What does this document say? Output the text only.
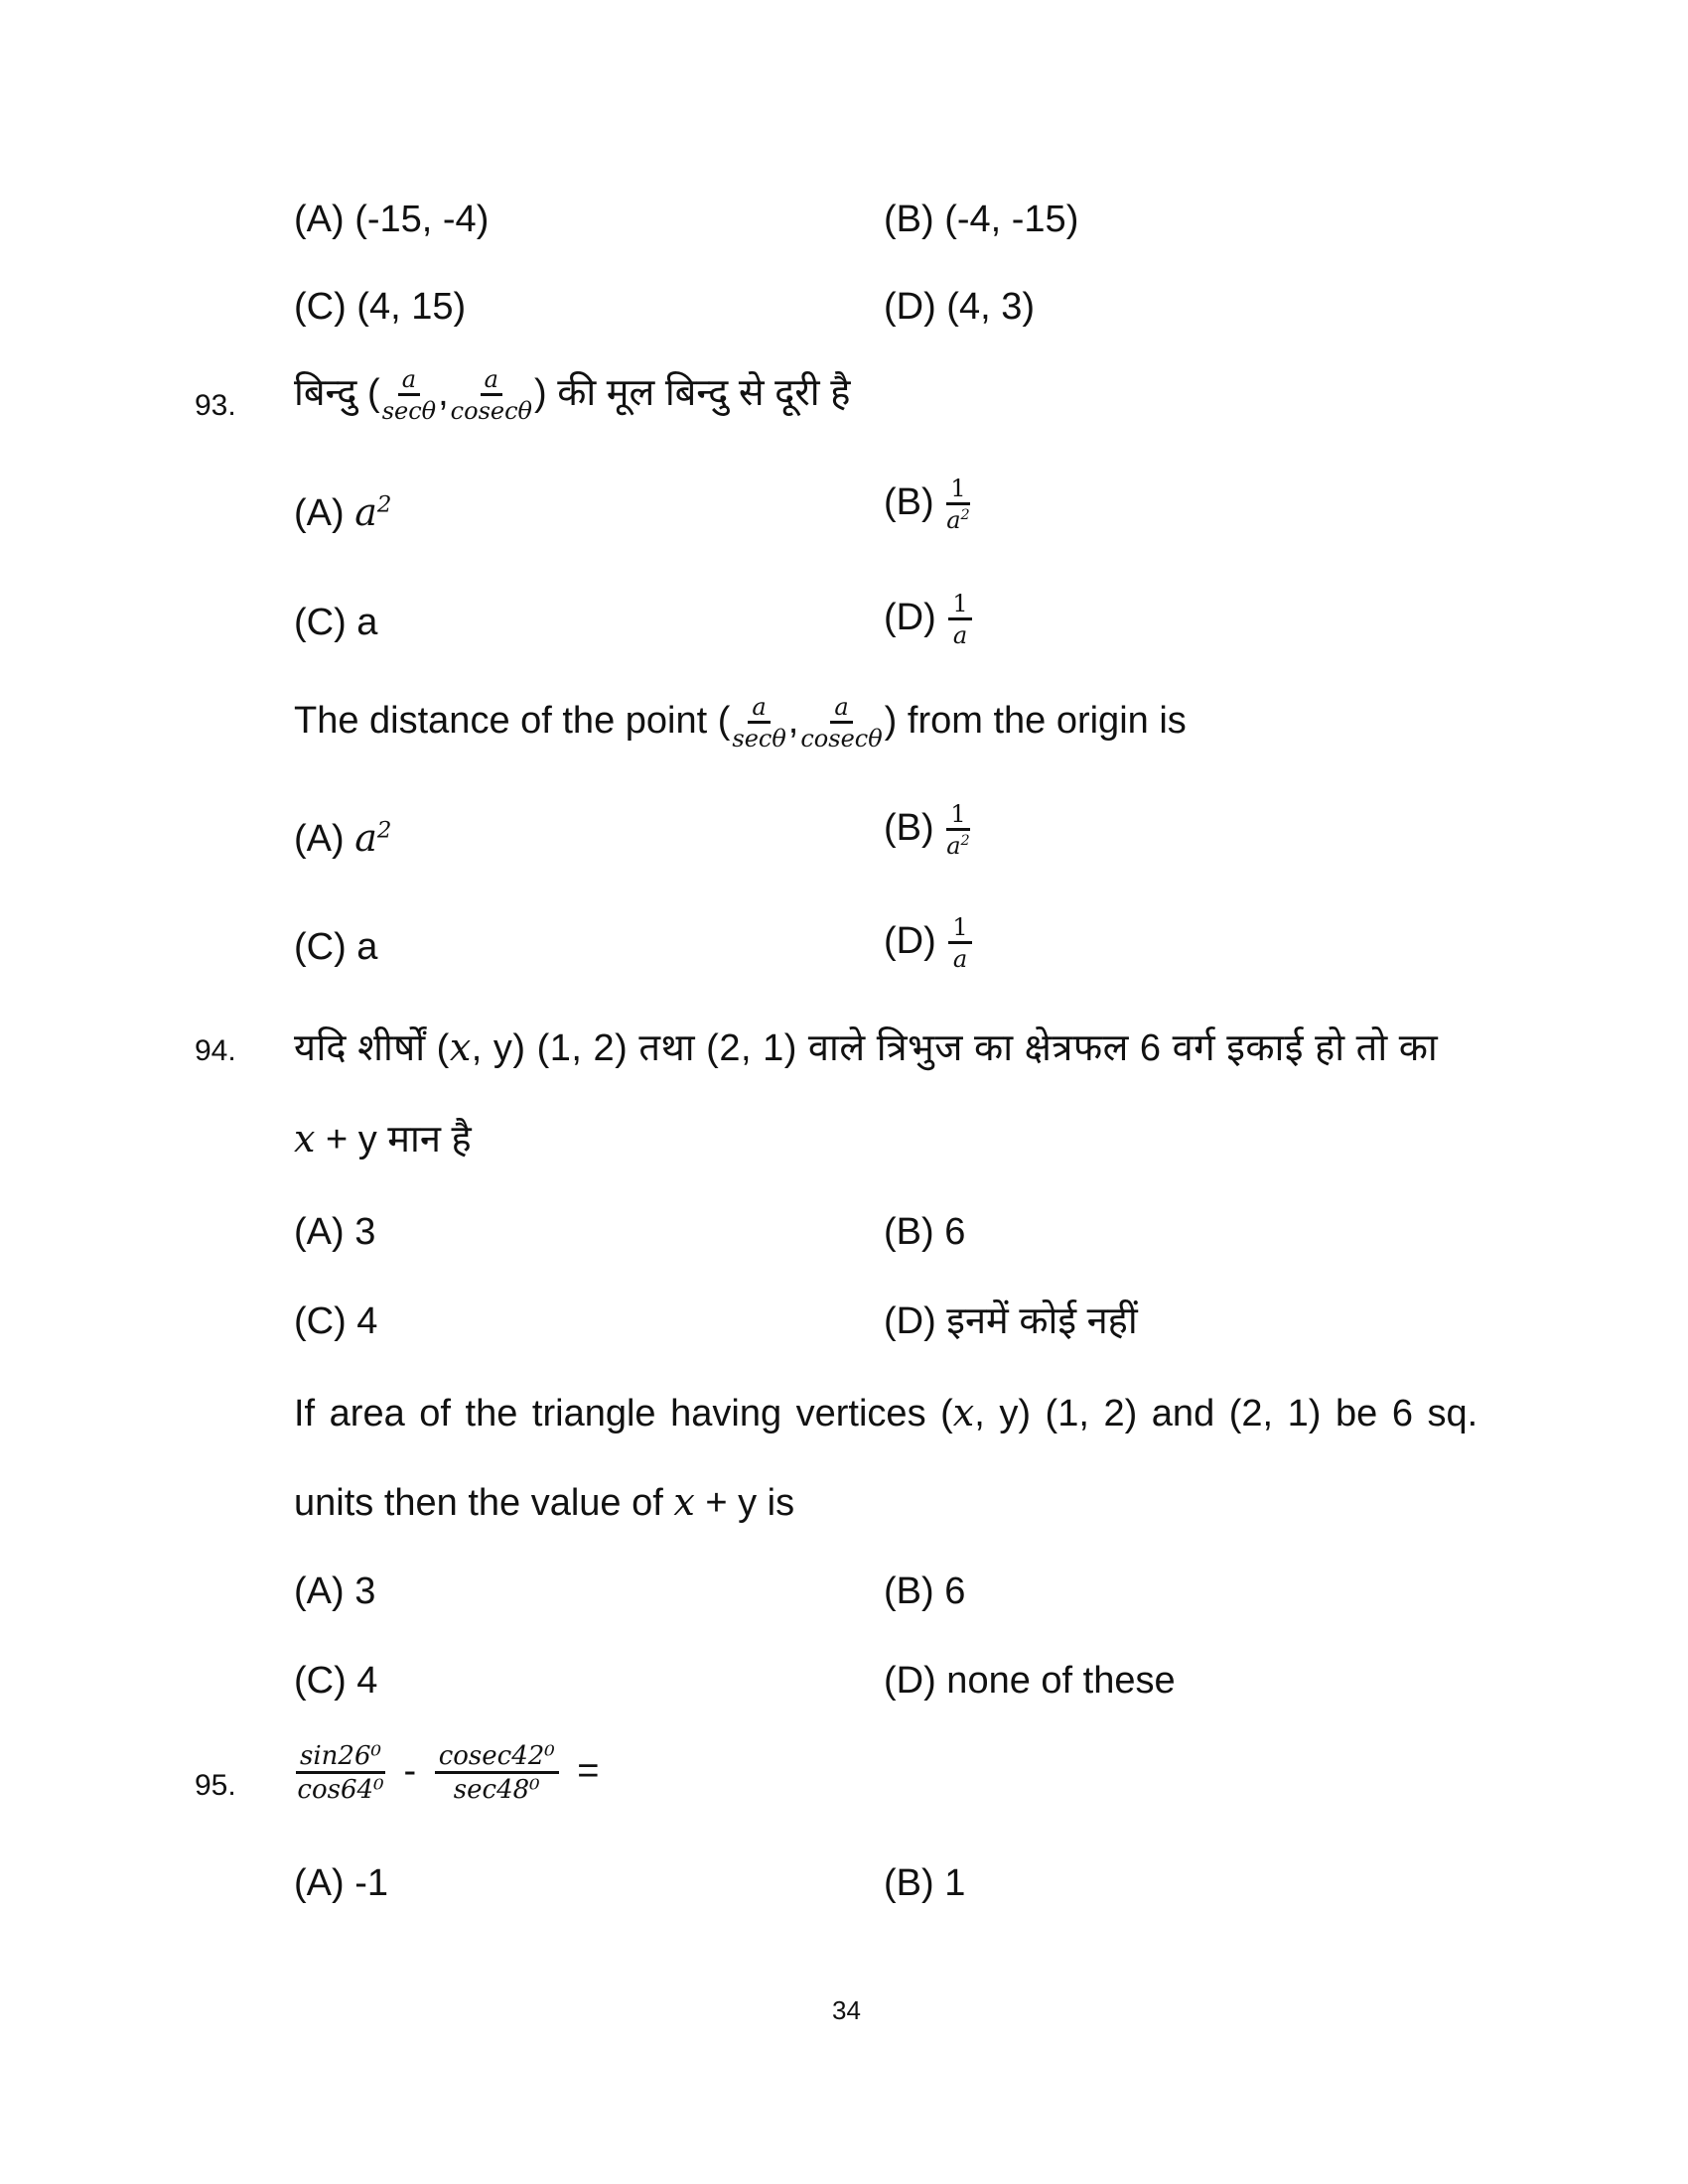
(A) (-15, -4)	(B) (-4, -15)
(C) (4, 15)	(D) (4, 3)
93. बिन्दु ( $\frac{a}{\sec\theta}$ , $\frac{a}{cosec\theta}$ ) की मूल बिन्दु से दूरी है
(A) $a^2$	$(B) \frac{1}{a^2}$
(C) a	$(D) \frac{1}{a}$
The distance of the point ( $\frac{a}{\sec\theta}$ , $\frac{a}{cosec\theta}$ ) from the origin is
(A) $a^2$	$(B) \frac{1}{a^2}$
(C) a	$(D) \frac{1}{a}$
94. यदि शीर्षों (x, y) (1, 2) तथा (2, 1) वाले त्रिभुज का क्षेत्रफल 6 वर्ग इकाई हो तो का
x + y मान है
(A) 3	(B) 6
(C) 4	(D) इनमें कोई नहीं
If area of the triangle having vertices (x, y) (1, 2) and (2, 1) be 6 sq.
units then the value of x + y is
(A) 3	(B) 6
(C) 4	(D) none of these
95. $\frac{\text{sin26⁰}}{\text{cos64⁰}} - \frac{\text{cosec42⁰}}{\text{sec48⁰}}$ =
(A) -1	(B) 1
34
